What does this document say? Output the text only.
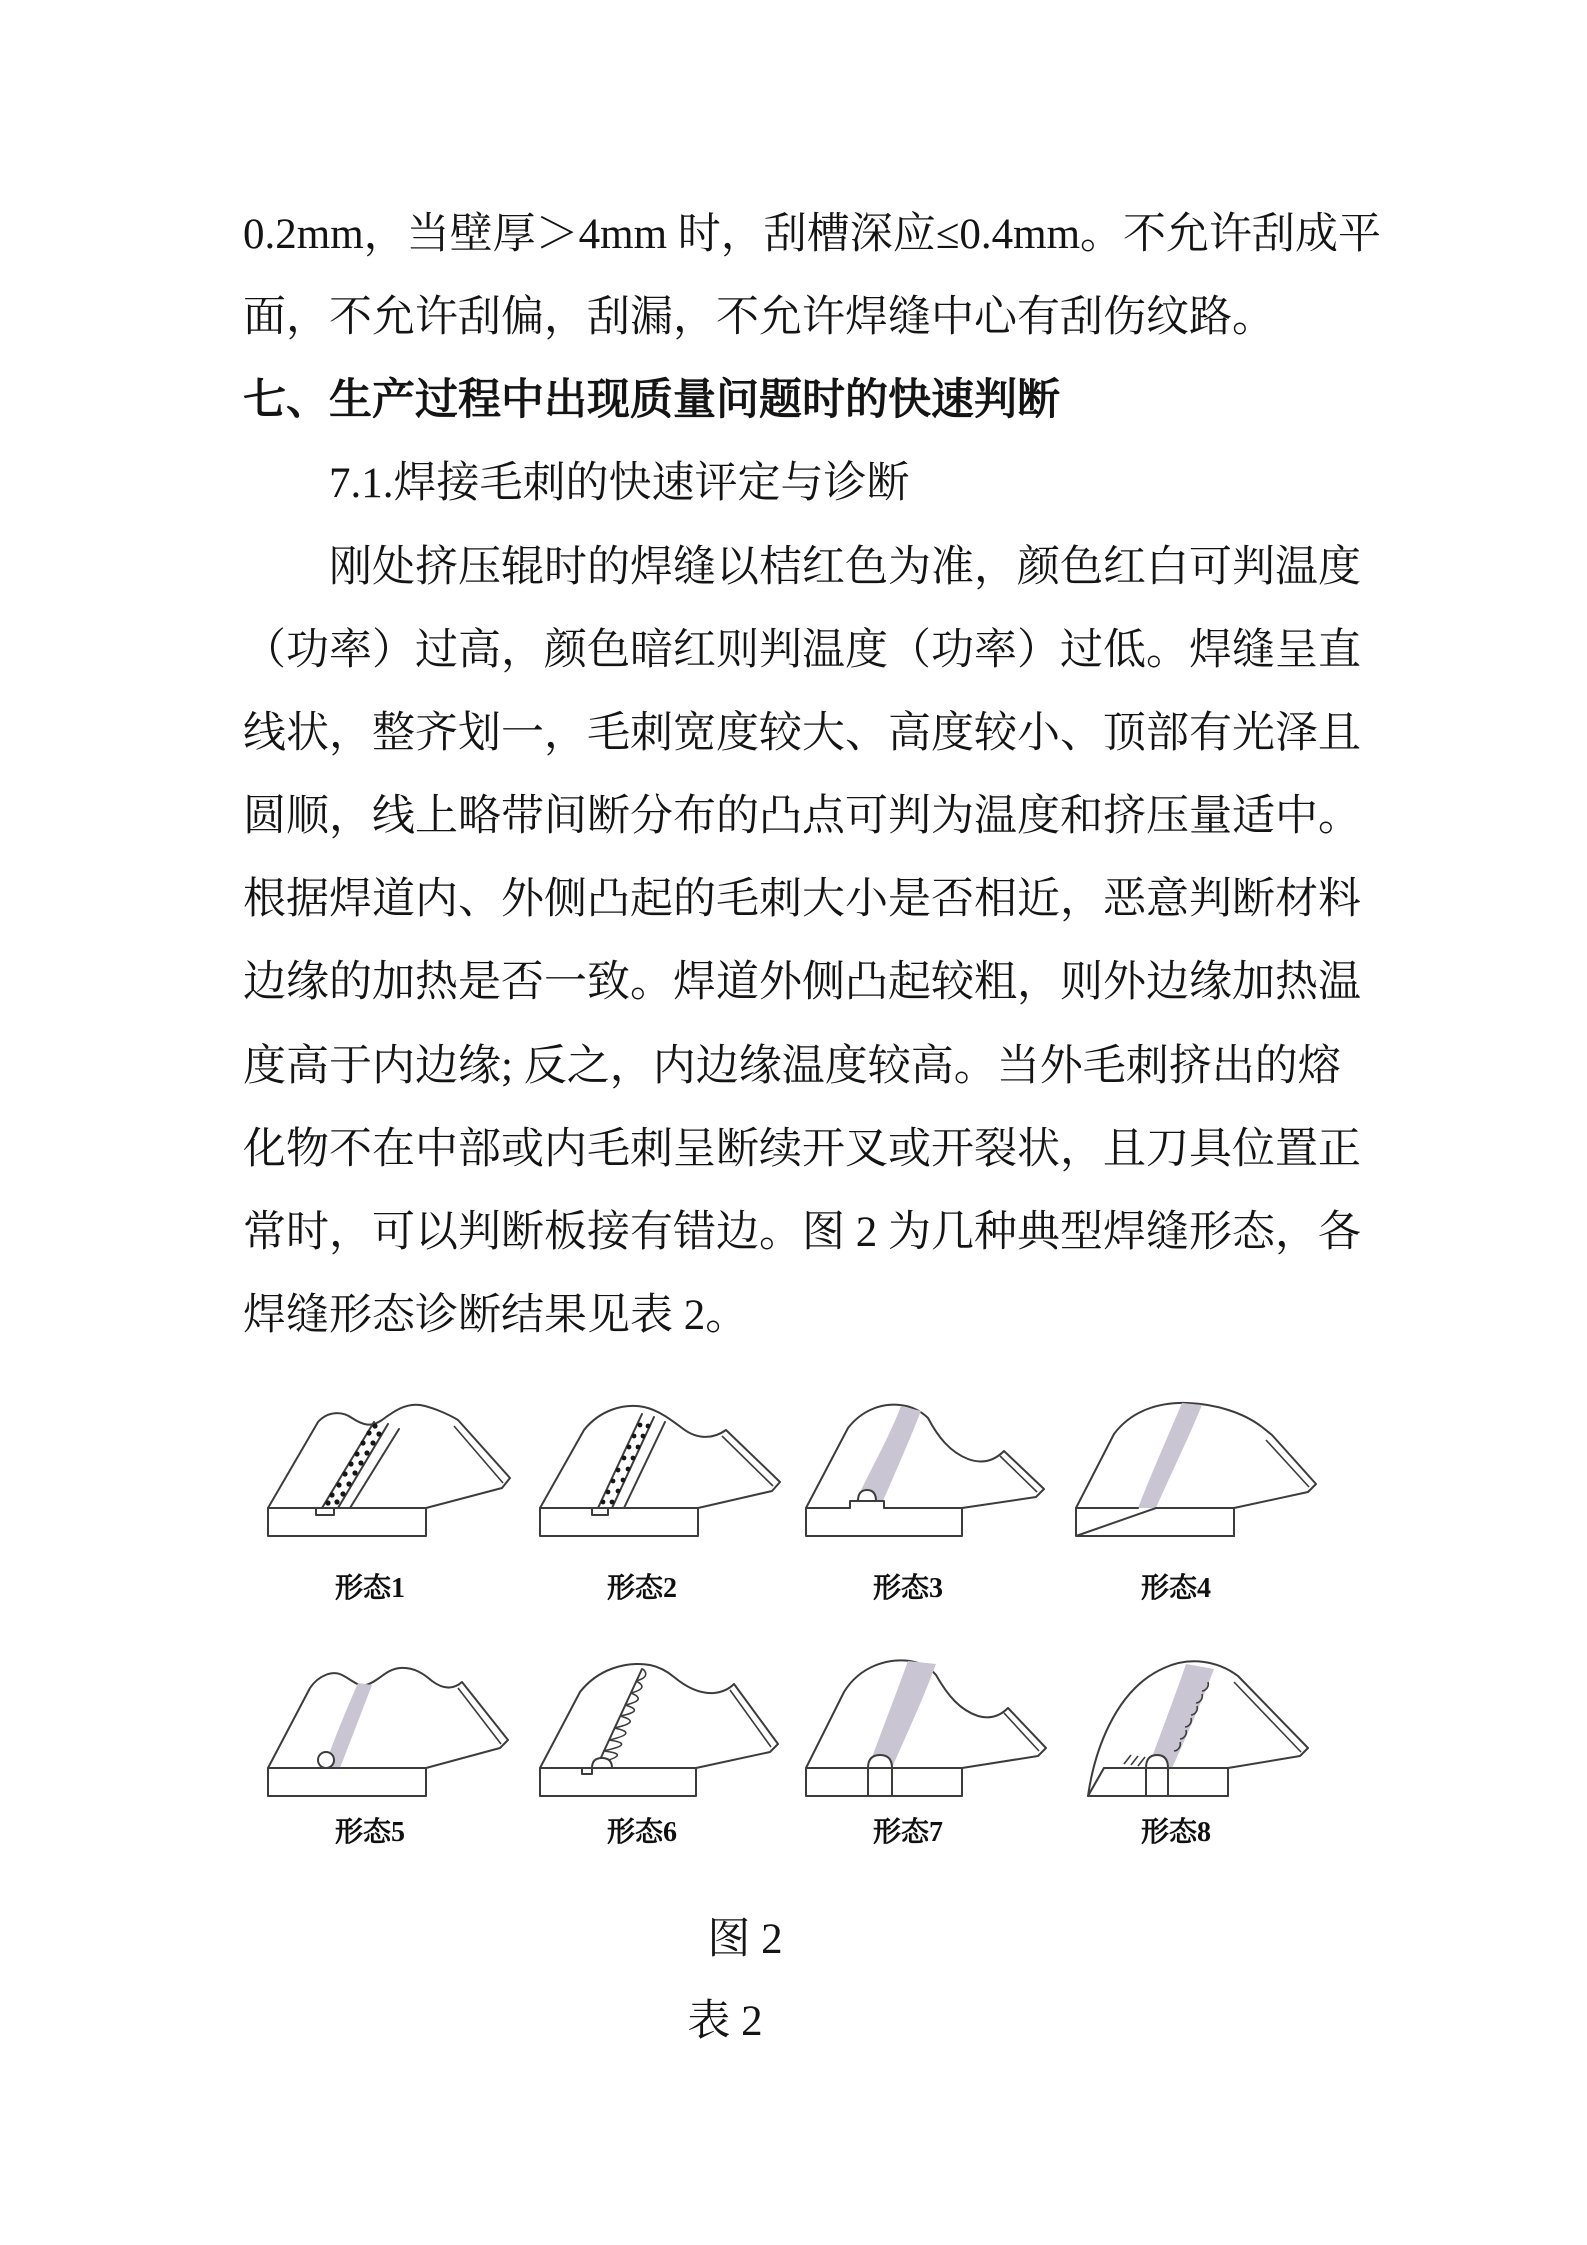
0.2mm，当壁厚＞4mm 时，刮槽深应≤0.4mm。不允许刮成平
面，不允许刮偏，刮漏，不允许焊缝中心有刮伤纹路。
七、生产过程中出现质量问题时的快速判断
7.1.焊接毛刺的快速评定与诊断
刚处挤压辊时的焊缝以桔红色为准，颜色红白可判温度
（功率）过高，颜色暗红则判温度（功率）过低。焊缝呈直
线状，整齐划一，毛刺宽度较大、高度较小、顶部有光泽且
圆顺，线上略带间断分布的凸点可判为温度和挤压量适中。
根据焊道内、外侧凸起的毛刺大小是否相近，恶意判断材料
边缘的加热是否一致。焊道外侧凸起较粗，则外边缘加热温
度高于内边缘; 反之，内边缘温度较高。当外毛刺挤出的熔
化物不在中部或内毛刺呈断续开叉或开裂状，且刀具位置正
常时，可以判断板接有错边。图 2 为几种典型焊缝形态，各
焊缝形态诊断结果见表 2。
形态1	形态2	形态3	形态4
形态5	形态6	形态7	形态8
图 2
表 2
